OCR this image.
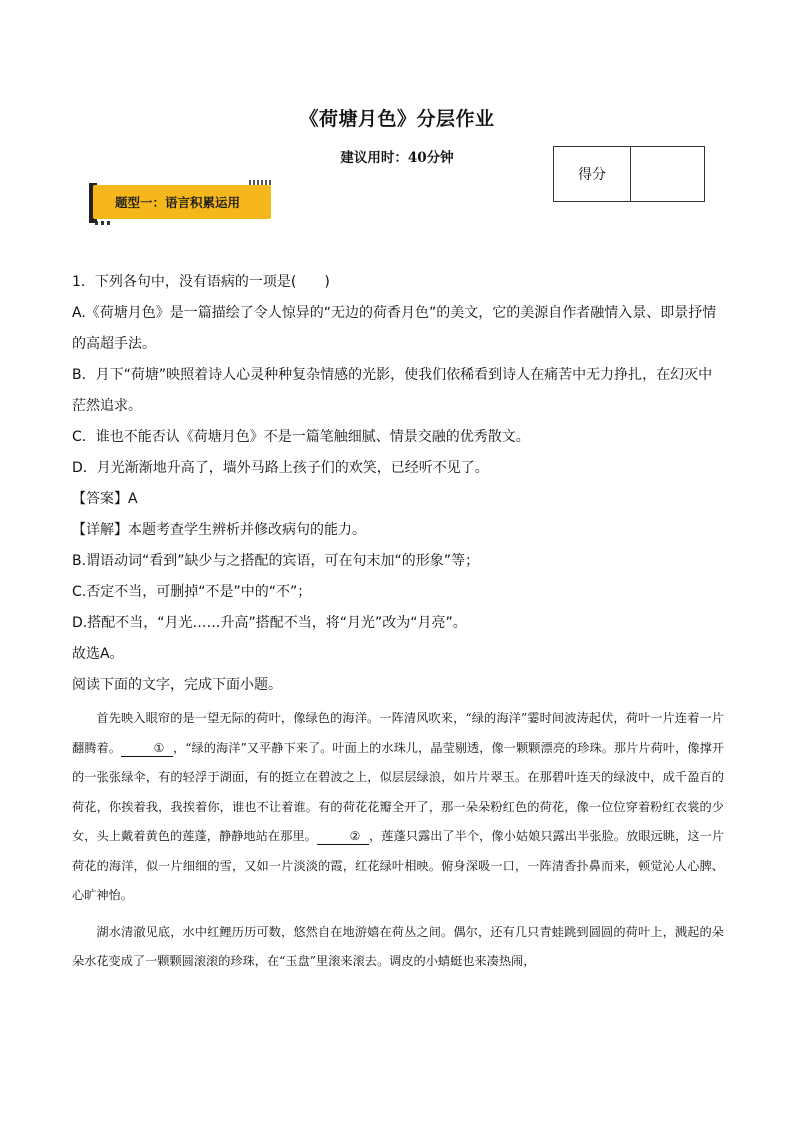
《荷塘月色》分层作业
建议用时：40分钟
得分
题型一：语言积累运用

1．下列各句中，没有语病的一项是(　　)

A.《荷塘月色》是一篇描绘了令人惊异的“无边的荷香月色”的美文，它的美源自作者融情入景、即景抒情的高超手法。

B．月下“荷塘”映照着诗人心灵种种复杂情感的光影，使我们依稀看到诗人在痛苦中无力挣扎，在幻灭中茫然追求。

C．谁也不能否认《荷塘月色》不是一篇笔触细腻、情景交融的优秀散文。

D．月光渐渐地升高了，墙外马路上孩子们的欢笑，已经听不见了。

【答案】A

【详解】本题考查学生辨析并修改病句的能力。

B.谓语动词“看到”缺少与之搭配的宾语，可在句末加“的形象”等；

C.否定不当，可删掉“不是”中的“不”；

D.搭配不当，“月光……升高”搭配不当，将“月光”改为“月亮”。

故选A。

阅读下面的文字，完成下面小题。

首先映入眼帘的是一望无际的荷叶，像绿色的海洋。一阵清风吹来，“绿的海洋”霎时间波涛起伏，荷叶一片连着一片翻腾着。	① ，“绿的海洋”又平静下来了。叶面上的水珠儿，晶莹剔透，像一颗颗漂亮的珍珠。那片片荷叶，像撑开的一张张绿伞，有的轻浮于湖面，有的挺立在碧波之上，似层层绿浪，如片片翠玉。在那碧叶连天的绿波中，成千盈百的荷花，你挨着我，我挨着你，谁也不让着谁。有的荷花花瓣全开了，那一朵朵粉红色的荷花，像一位位穿着粉红衣裳的少女，头上戴着黄色的莲蓬，静静地站在那里。	② ，莲蓬只露出了半个，像小姑娘只露出半张脸。放眼远眺，这一片荷花的海洋，似一片细细的雪，又如一片淡淡的霞，红花绿叶相映。俯身深吸一口，一阵清香扑鼻而来，顿觉沁人心脾、心旷神怡。

湖水清澈见底，水中红鲤历历可数，悠然自在地游嬉在荷丛之间。偶尔，还有几只青蛙跳到圆圆的荷叶上，溅起的朵朵水花变成了一颗颗圆滚滚的珍珠，在“玉盘”里滚来滚去。调皮的小蜻蜓也来凑热闹，
